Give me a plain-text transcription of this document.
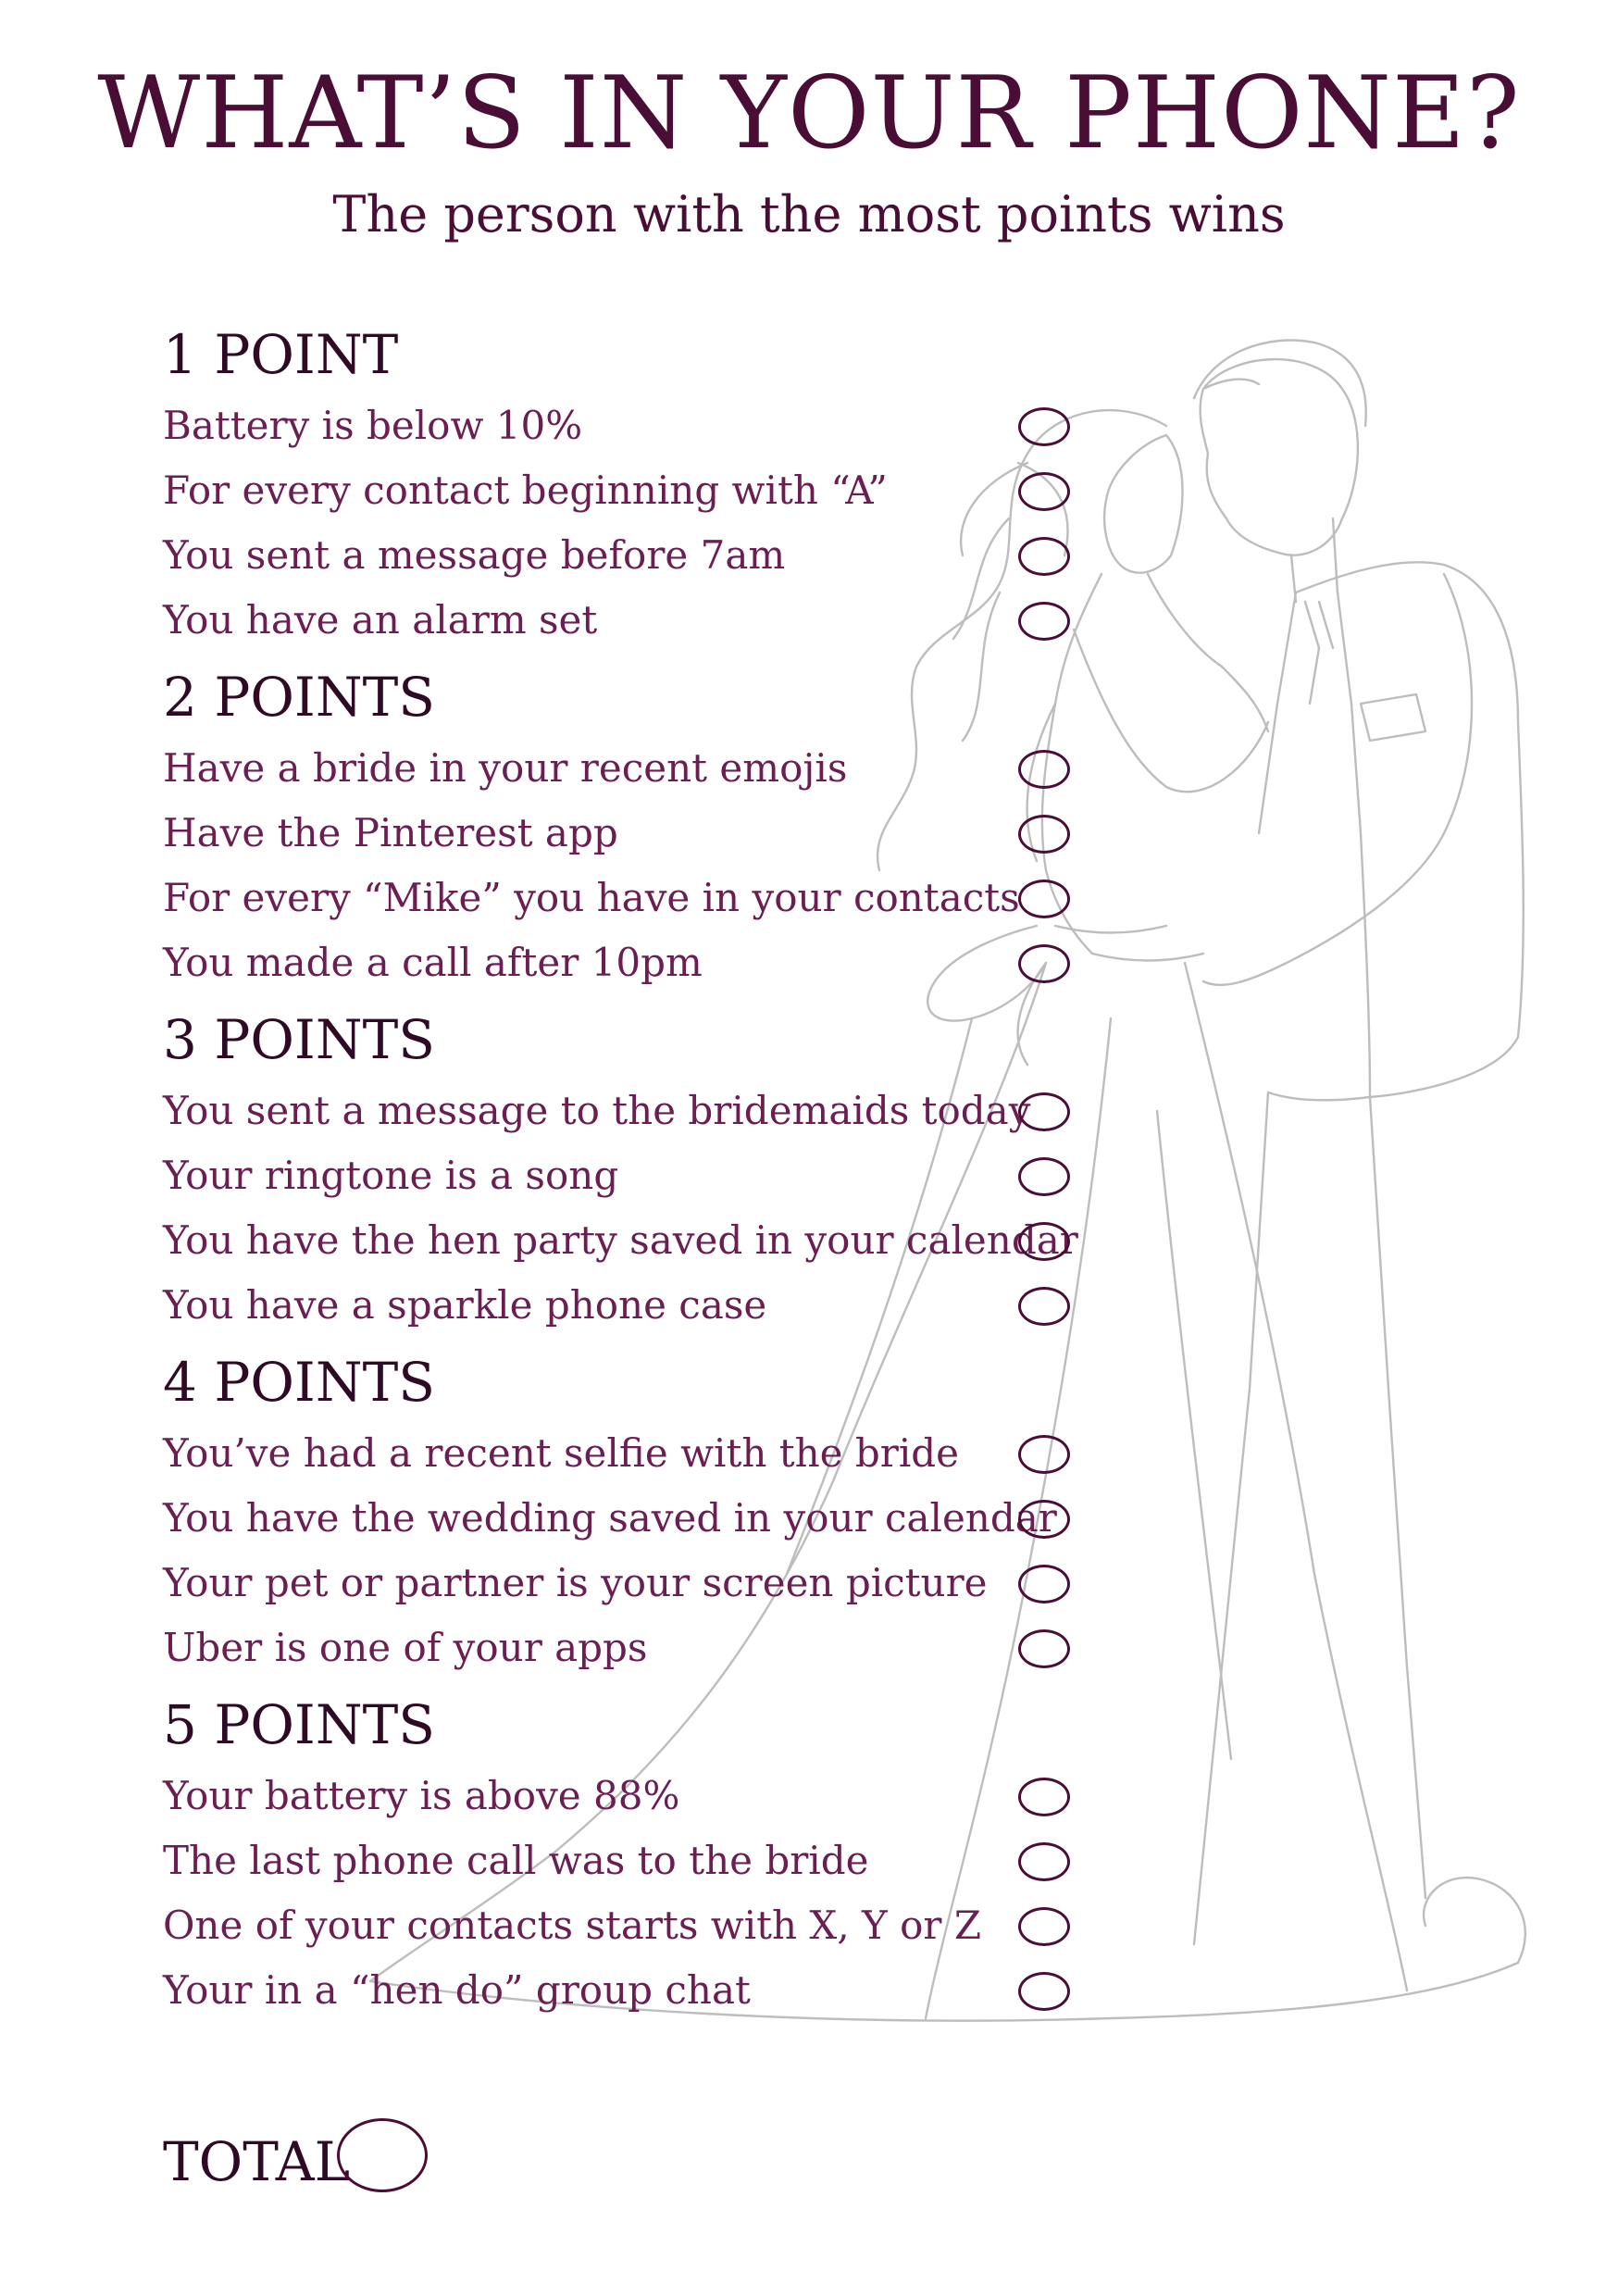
WHAT’S IN YOUR PHONE?
The person with the most points wins
1 POINT
Battery is below 10%
For every contact beginning with “A”
You sent a message before 7am
You have an alarm set
2 POINTS
Have a bride in your recent emojis
Have the Pinterest app
For every “Mike” you have in your contacts
You made a call after 10pm
3 POINTS
You sent a message to the bridemaids today
Your ringtone is a song
You have the hen party saved in your calendar
You have a sparkle phone case
4 POINTS
You’ve had a recent selfie with the bride
You have the wedding saved in your calendar
Your pet or partner is your screen picture
Uber is one of your apps
5 POINTS
Your battery is above 88%
The last phone call was to the bride
One of your contacts starts with X, Y or Z
Your in a “hen do” group chat
TOTAL
